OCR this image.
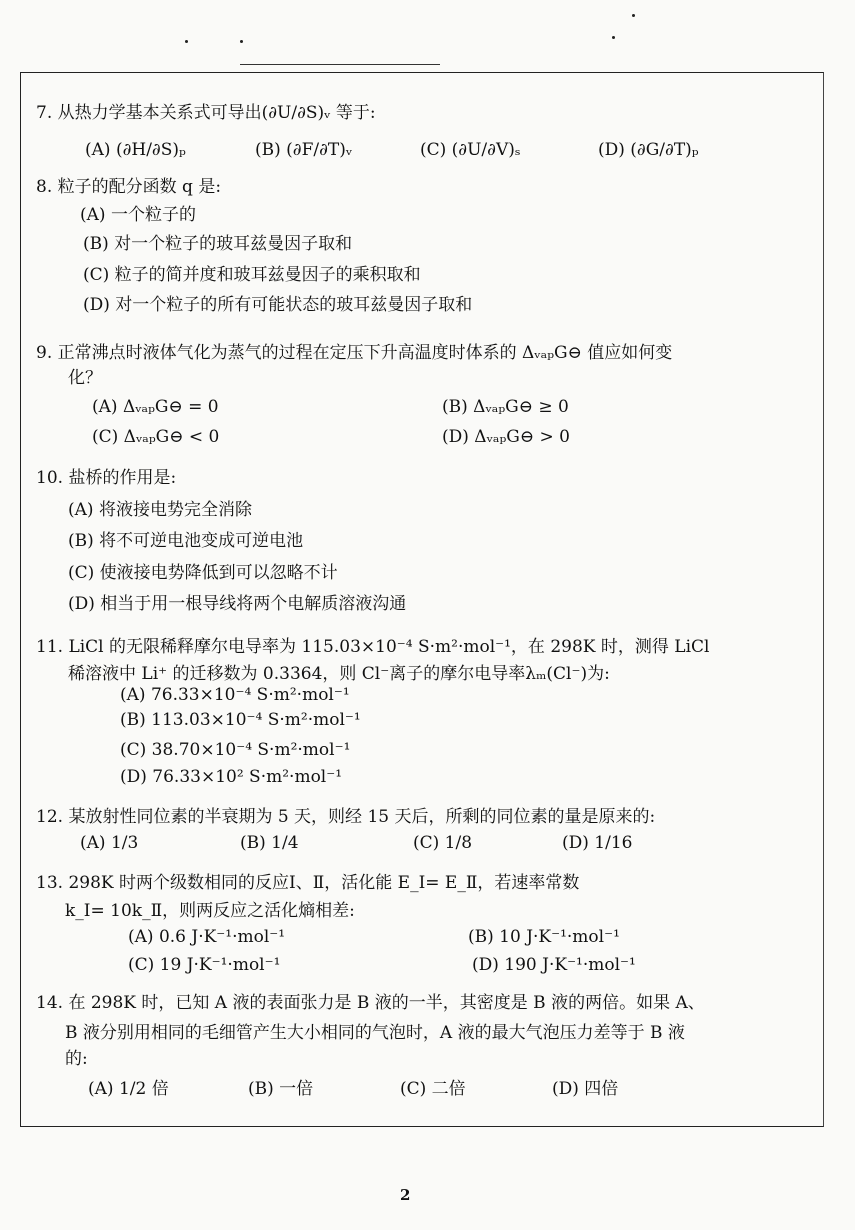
7. 从热力学基本关系式可导出(∂U/∂S)ᵥ 等于:
(A) (∂H/∂S)ₚ	(B) (∂F/∂T)ᵥ	(C) (∂U/∂V)ₛ	(D) (∂G/∂T)ₚ
8. 粒子的配分函数 q 是:
(A) 一个粒子的
(B) 对一个粒子的玻耳兹曼因子取和
(C) 粒子的简并度和玻耳兹曼因子的乘积取和
(D) 对一个粒子的所有可能状态的玻耳兹曼因子取和
9. 正常沸点时液体气化为蒸气的过程在定压下升高温度时体系的 ΔᵥₐₚG⊖ 值应如何变
化？
(A) ΔᵥₐₚG⊖ = 0	(B) ΔᵥₐₚG⊖ ≥ 0
(C) ΔᵥₐₚG⊖ < 0	(D) ΔᵥₐₚG⊖ > 0
10. 盐桥的作用是:
(A) 将液接电势完全消除
(B) 将不可逆电池变成可逆电池
(C) 使液接电势降低到可以忽略不计
(D) 相当于用一根导线将两个电解质溶液沟通
11. LiCl 的无限稀释摩尔电导率为 115.03×10⁻⁴ S·m²·mol⁻¹，在 298K 时，测得 LiCl
稀溶液中 Li⁺ 的迁移数为 0.3364，则 Cl⁻离子的摩尔电导率λₘ(Cl⁻)为:
(A) 76.33×10⁻⁴ S·m²·mol⁻¹
(B) 113.03×10⁻⁴ S·m²·mol⁻¹
(C) 38.70×10⁻⁴ S·m²·mol⁻¹
(D) 76.33×10² S·m²·mol⁻¹
12. 某放射性同位素的半衰期为 5 天，则经 15 天后，所剩的同位素的量是原来的:
(A) 1/3	(B) 1/4	(C) 1/8	(D) 1/16
13. 298K 时两个级数相同的反应Ⅰ、Ⅱ，活化能 E_Ⅰ= E_Ⅱ，若速率常数
k_Ⅰ= 10k_Ⅱ，则两反应之活化熵相差:
(A) 0.6 J·K⁻¹·mol⁻¹	(B) 10 J·K⁻¹·mol⁻¹
(C) 19 J·K⁻¹·mol⁻¹	(D) 190 J·K⁻¹·mol⁻¹
14. 在 298K 时，已知 A 液的表面张力是 B 液的一半，其密度是 B 液的两倍。如果 A、
B 液分别用相同的毛细管产生大小相同的气泡时，A 液的最大气泡压力差等于 B 液
的:
(A) 1/2 倍	(B) 一倍	(C) 二倍	(D) 四倍
2
